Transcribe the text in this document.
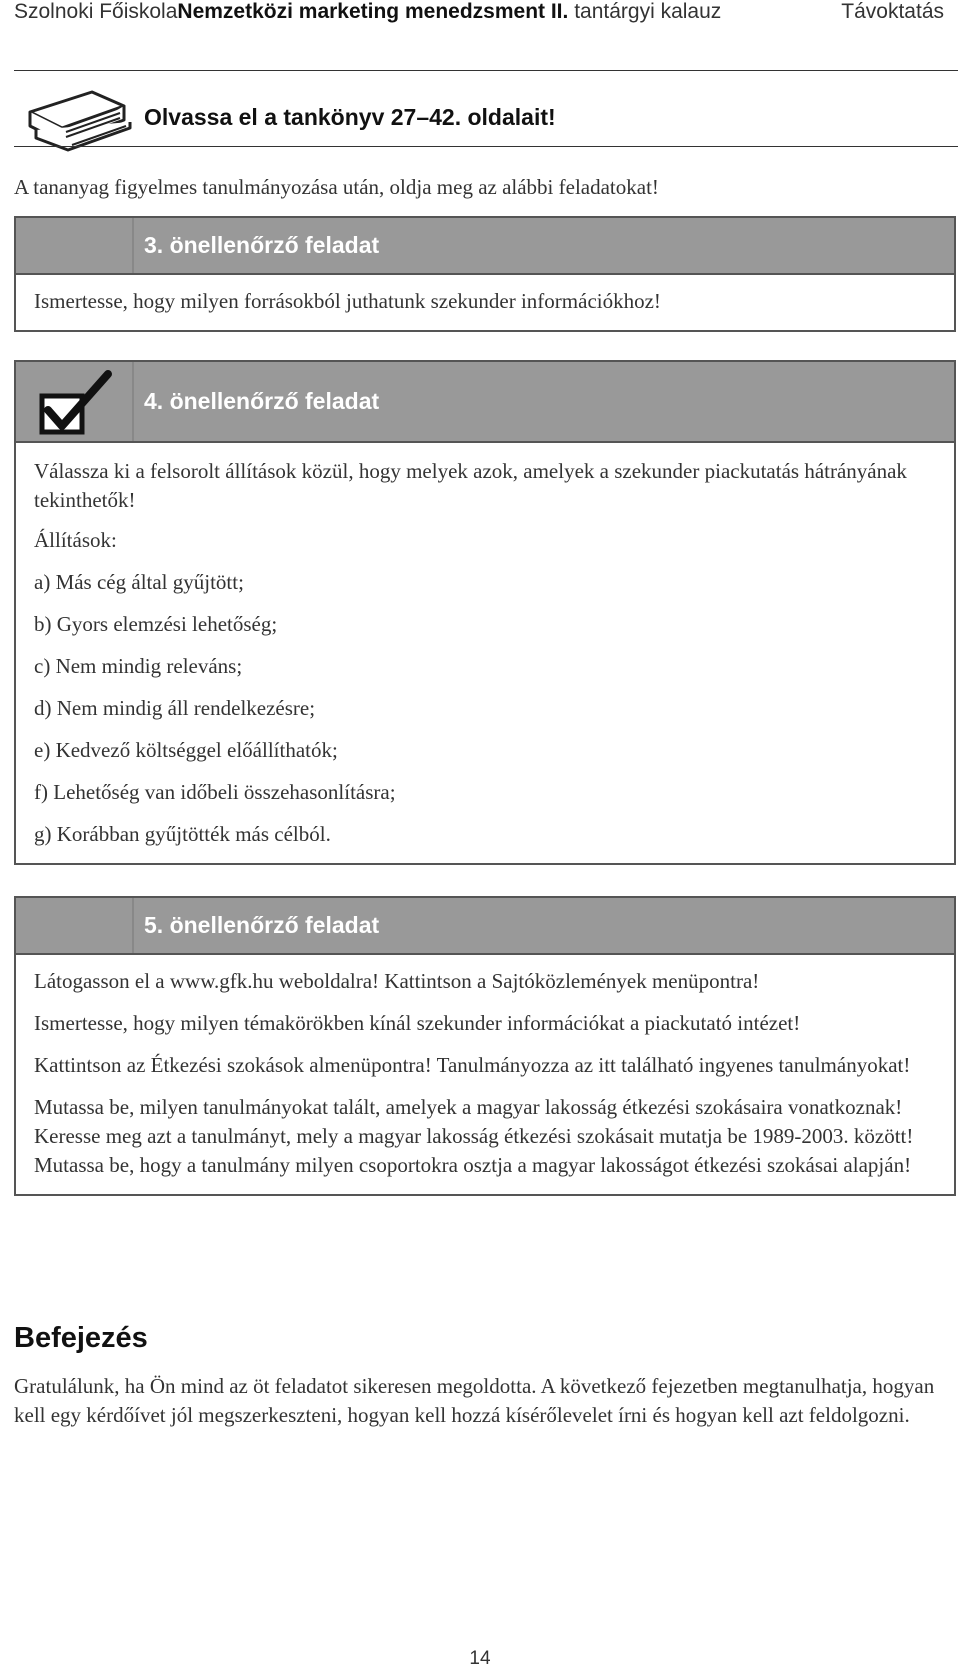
Szolnoki FőiskolaNemzetközi marketing menedzsment II. tantárgyi kalauz	Távoktatás
Olvassa el a tankönyv 27–42. oldalait!
A tananyag figyelmes tanulmányozása után, oldja meg az alábbi feladatokat!
3. önellenőrző feladat

Ismertesse, hogy milyen forrásokból juthatunk szekunder információkhoz!

4. önellenőrző feladat

Válassza ki a felsorolt állítások közül, hogy melyek azok, amelyek a szekunder piackutatás hátrányának tekinthetők!

Állítások:

a) Más cég által gyűjtött;

b) Gyors elemzési lehetőség;

c) Nem mindig releváns;

d) Nem mindig áll rendelkezésre;

e) Kedvező költséggel előállíthatók;

f) Lehetőség van időbeli összehasonlításra;

g) Korábban gyűjtötték más célból.

5. önellenőrző feladat

Látogasson el a www.gfk.hu weboldalra! Kattintson a Sajtóközlemények menüpontra!

Ismertesse, hogy milyen témakörökben kínál szekunder információkat a piackutató intézet!

Kattintson az Étkezési szokások almenüpontra! Tanulmányozza az itt található ingyenes tanulmányokat!

Mutassa be, milyen tanulmányokat talált, amelyek a magyar lakosság étkezési szokásaira vonatkoznak! Keresse meg azt a tanulmányt, mely a magyar lakosság étkezési szokásait mutatja be 1989-2003. között! Mutassa be, hogy a tanulmány milyen csoportokra osztja a magyar lakosságot étkezési szokásai alapján!

Befejezés

Gratulálunk, ha Ön mind az öt feladatot sikeresen megoldotta. A következő fejezetben megtanulhatja, hogyan kell egy kérdőívet jól megszerkeszteni, hogyan kell hozzá kísérőlevelet írni és hogyan kell azt feldolgozni.

14
